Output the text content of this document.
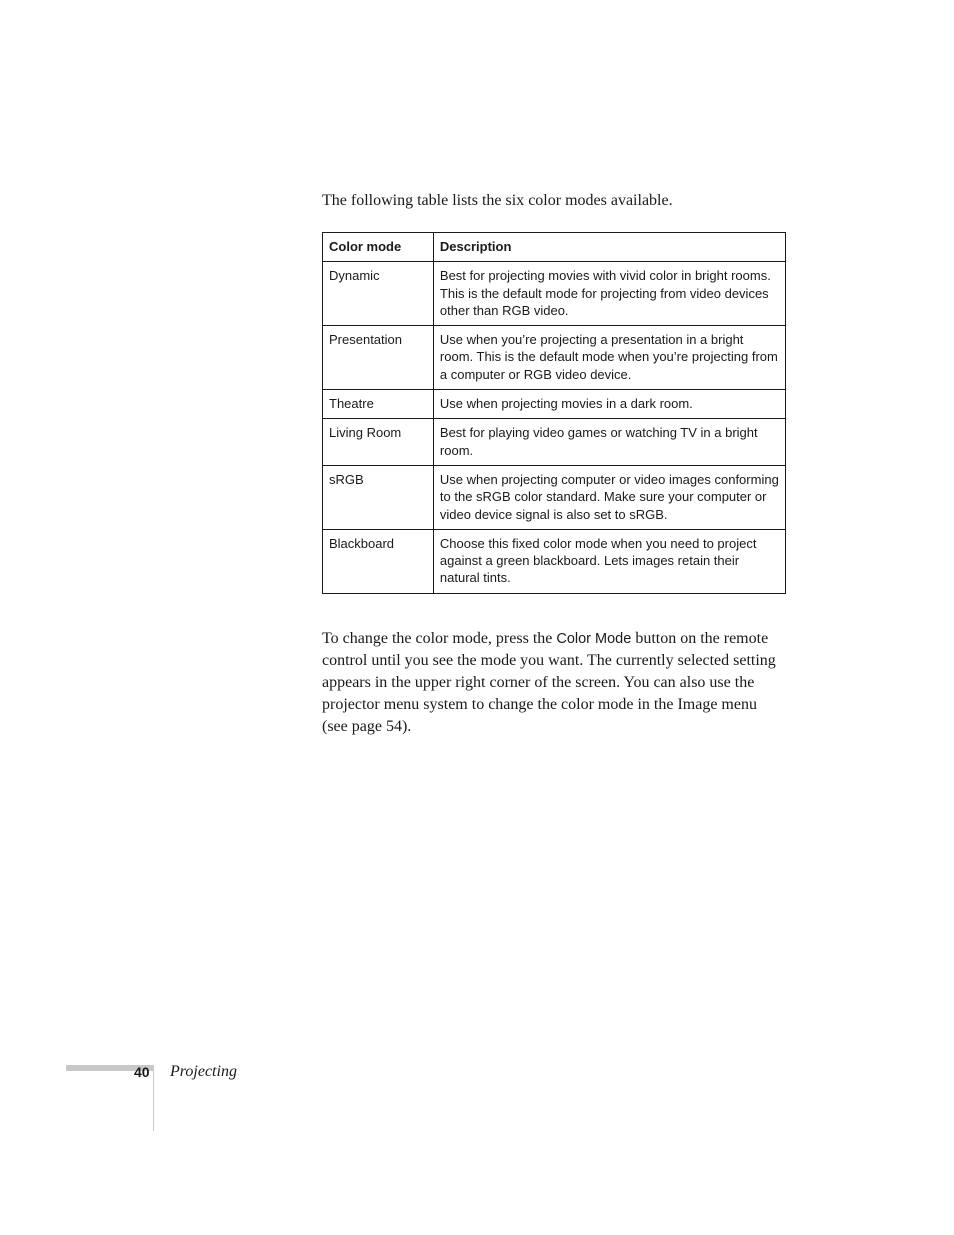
The following table lists the six color modes available.

Color mode	Description
Dynamic	Best for projecting movies with vivid color in bright rooms. This is the default mode for projecting from video devices other than RGB video.
Presentation	Use when you’re projecting a presentation in a bright room. This is the default mode when you’re projecting from a computer or RGB video device.
Theatre	Use when projecting movies in a dark room.
Living Room	Best for playing video games or watching TV in a bright room.
sRGB	Use when projecting computer or video images conforming to the sRGB color standard. Make sure your computer or video device signal is also set to sRGB.
Blackboard	Choose this fixed color mode when you need to project against a green blackboard. Lets images retain their natural tints.

To change the color mode, press the Color Mode button on the remote control until you see the mode you want. The currently selected setting appears in the upper right corner of the screen. You can also use the projector menu system to change the color mode in the Image menu (see page 54).

40 Projecting
